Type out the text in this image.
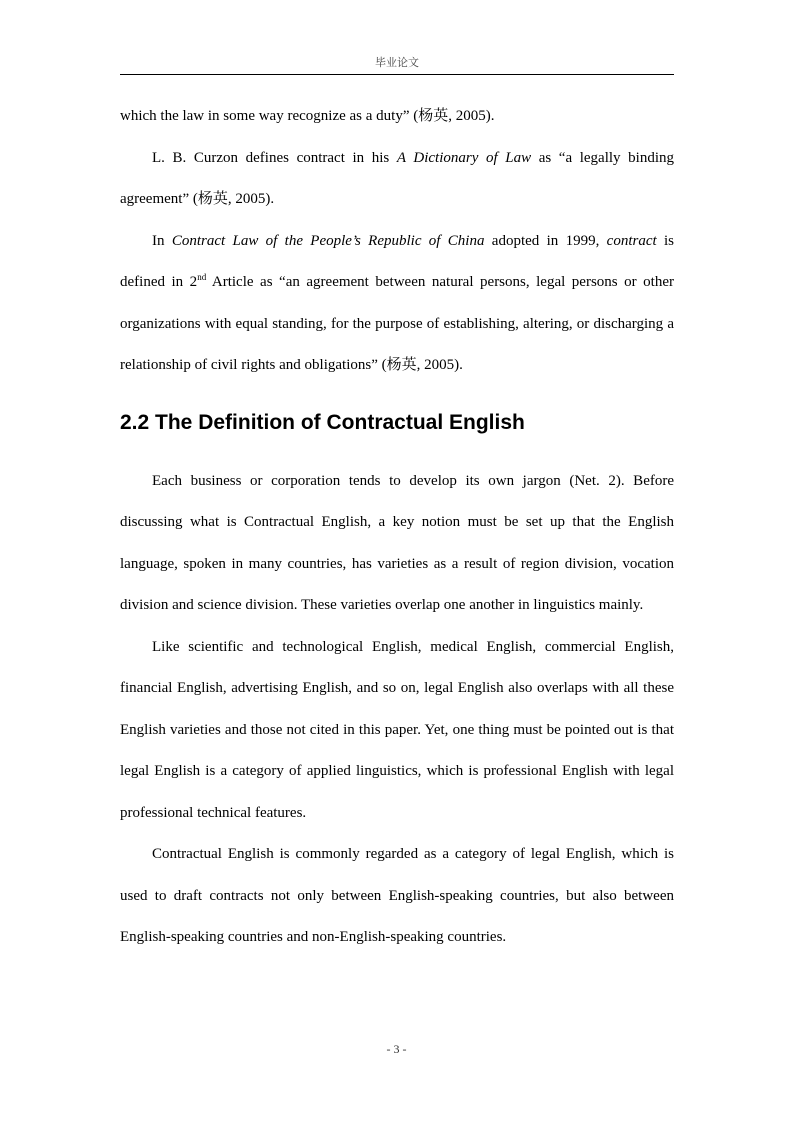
毕业论文

which the law in some way recognize as a duty” (杨英, 2005).

L. B. Curzon defines contract in his A Dictionary of Law as “a legally binding agreement” (杨英, 2005).

In Contract Law of the People’s Republic of China adopted in 1999, contract is defined in 2nd Article as “an agreement between natural persons, legal persons or other organizations with equal standing, for the purpose of establishing, altering, or discharging a relationship of civil rights and obligations” (杨英, 2005).

2.2 The Definition of Contractual English

Each business or corporation tends to develop its own jargon (Net. 2). Before discussing what is Contractual English, a key notion must be set up that the English language, spoken in many countries, has varieties as a result of region division, vocation division and science division. These varieties overlap one another in linguistics mainly.

Like scientific and technological English, medical English, commercial English, financial English, advertising English, and so on, legal English also overlaps with all these English varieties and those not cited in this paper. Yet, one thing must be pointed out is that legal English is a category of applied linguistics, which is professional English with legal professional technical features.

Contractual English is commonly regarded as a category of legal English, which is used to draft contracts not only between English-speaking countries, but also between English-speaking countries and non-English-speaking countries.

- 3 -
